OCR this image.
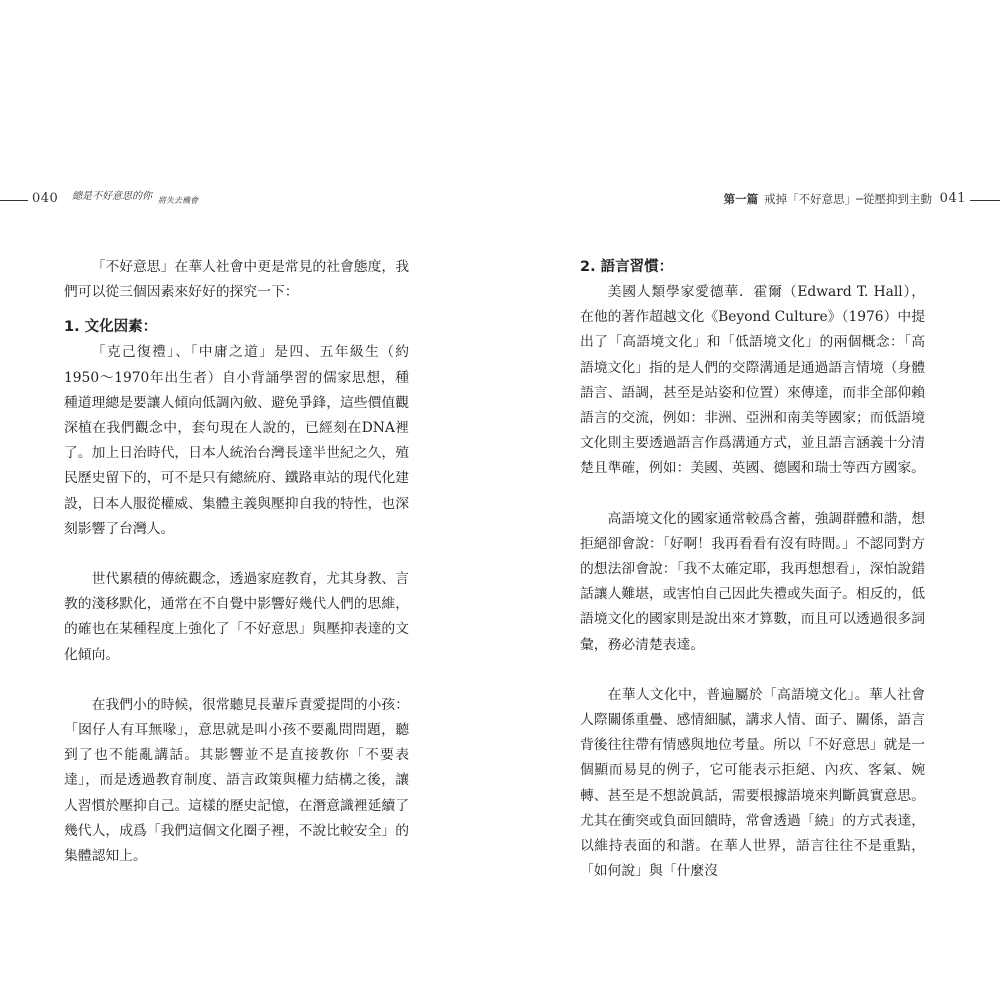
040 總是不好意思的你 $_{將失去機會}$

「不好意思」在華人社會中更是常見的社會態度，我們可以從三個因素來好好的探究一下：

1. 文化因素：

「克己復禮」、「中庸之道」是四、五年級生（約1950～1970年出生者）自小背誦學習的儒家思想，種種道理總是要讓人傾向低調內斂、避免爭鋒，這些價值觀深植在我們觀念中，套句現在人說的，已經刻在DNA裡了。加上日治時代，日本人統治台灣長達半世紀之久，殖民歷史留下的，可不是只有總統府、鐵路車站的現代化建設，日本人服從權威、集體主義與壓抑自我的特性，也深刻影響了台灣人。

世代累積的傳統觀念，透過家庭教育，尤其身教、言教的淺移默化，通常在不自覺中影響好幾代人們的思維，的確也在某種程度上強化了「不好意思」與壓抑表達的文化傾向。

在我們小的時候，很常聽見長輩斥責愛提問的小孩：「囡仔人有耳無喙」，意思就是叫小孩不要亂問問題，聽到了也不能亂講話。其影響並不是直接教你「不要表達」，而是透過教育制度、語言政策與權力結構之後，讓人習慣於壓抑自己。這樣的歷史記憶，在潛意識裡延續了幾代人，成爲「我們這個文化圈子裡，不說比較安全」的集體認知上。

041
第一篇 戒掉「不好意思」─從壓抑到主動
2. 語言習慣：

美國人類學家愛德華．霍爾（Edward T. Hall），在他的著作超越文化《Beyond Culture》（1976）中提出了「高語境文化」和「低語境文化」的兩個概念：「高語境文化」指的是人們的交際溝通是通過語言情境（身體語言、語調，甚至是站姿和位置）來傳達，而非全部仰賴語言的交流，例如：非洲、亞洲和南美等國家；而低語境文化則主要透過語言作爲溝通方式，並且語言涵義十分清楚且準確，例如：美國、英國、德國和瑞士等西方國家。

高語境文化的國家通常較爲含蓄，強調群體和諧，想拒絕卻會說：「好啊！我再看看有沒有時間。」不認同對方的想法卻會說：「我不太確定耶，我再想想看」，深怕說錯話讓人難堪，或害怕自己因此失禮或失面子。相反的，低語境文化的國家則是說出來才算數，而且可以透過很多詞彙，務必清楚表達。

在華人文化中，普遍屬於「高語境文化」。華人社會人際關係重疊、感情細膩，講求人情、面子、關係，語言背後往往帶有情感與地位考量。所以「不好意思」就是一個顯而易見的例子，它可能表示拒絕、內疚、客氣、婉轉、甚至是不想說眞話，需要根據語境來判斷眞實意思。尤其在衝突或負面回饋時，常會透過「繞」的方式表達，以維持表面的和諧。在華人世界，語言往往不是重點，「如何說」與「什麼沒
